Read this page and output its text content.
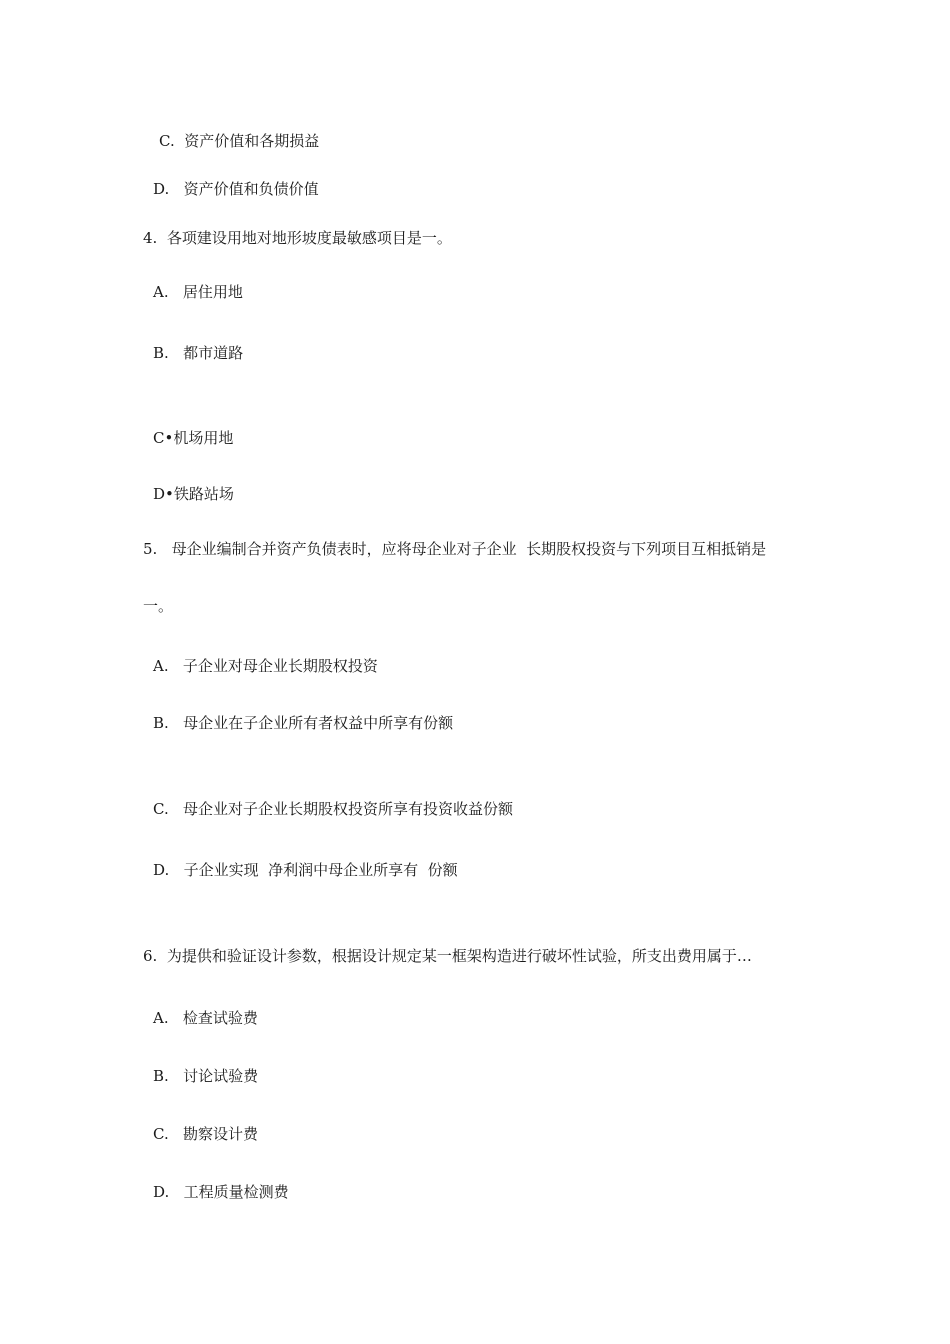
C.  资产价值和各期损益
D.   资产价值和负债价值
4.  各项建设用地对地形坡度最敏感项目是一。
A.   居住用地
B.   都市道路
C•机场用地
D•铁路站场
5.   母企业编制合并资产负债表时，应将母企业对子企业  长期股权投资与下列项目互相抵销是
一。
A.   子企业对母企业长期股权投资
B.   母企业在子企业所有者权益中所享有份额
C.   母企业对子企业长期股权投资所享有投资收益份额
D.   子企业实现  净利润中母企业所享有  份额
6.  为提供和验证设计参数，根据设计规定某一框架构造进行破坏性试验，所支出费用属于…
A.   检查试验费
B.   讨论试验费
C.   勘察设计费
D.   工程质量检测费
